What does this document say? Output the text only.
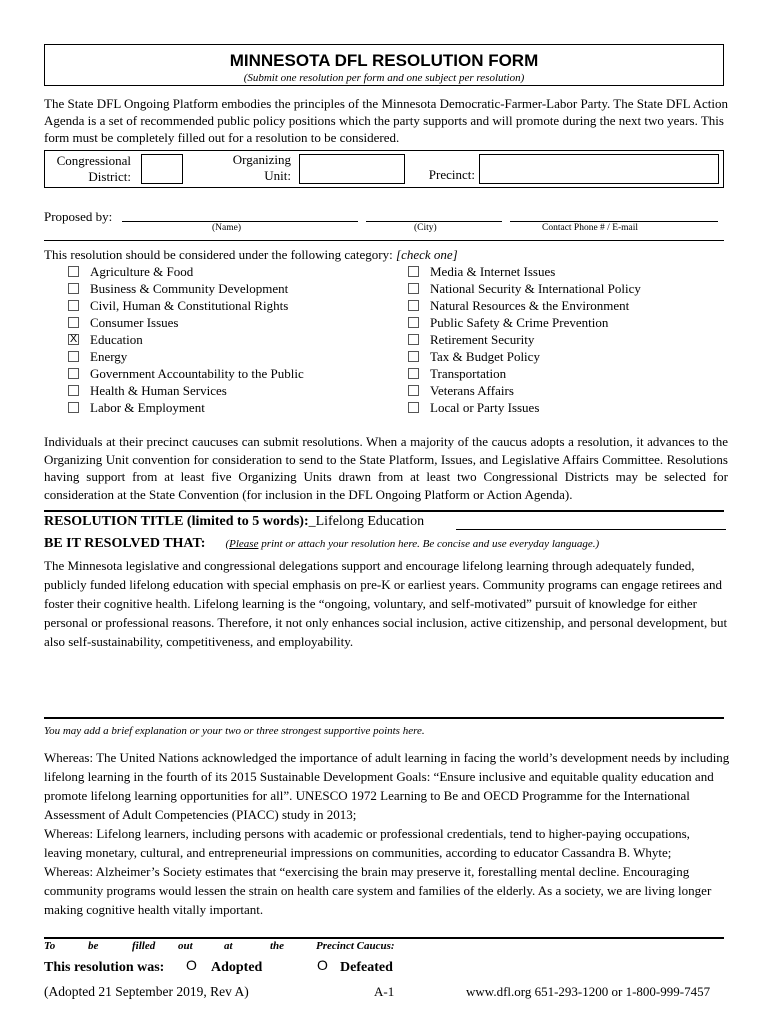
MINNESOTA DFL RESOLUTION FORM
(Submit one resolution per form and one subject per resolution)
The State DFL Ongoing Platform embodies the principles of the Minnesota Democratic-Farmer-Labor Party. The State DFL Action Agenda is a set of recommended public policy positions which the party supports and will promote during the next two years. This form must be completely filled out for a resolution to be considered.
Congressional
District:
Organizing
Unit:	Precinct:
Proposed by:
(Name)	(City)	Contact Phone # / E-mail
This resolution should be considered under the following category: [check one]
Agriculture & Food
Business & Community Development
Civil, Human & Constitutional Rights
Consumer Issues
X Education
Energy
Government Accountability to the Public
Health & Human Services
Labor & Employment
Media & Internet Issues
National Security & International Policy
Natural Resources & the Environment
Public Safety & Crime Prevention
Retirement Security
Tax & Budget Policy
Transportation
Veterans Affairs
Local or Party Issues
Individuals at their precinct caucuses can submit resolutions. When a majority of the caucus adopts a resolution, it advances to the Organizing Unit convention for consideration to send to the State Platform, Issues, and Legislative Affairs Committee. Resolutions having support from at least five Organizing Units drawn from at least two Congressional Districts may be selected for consideration at the State Convention (for inclusion in the DFL Ongoing Platform or Action Agenda).
RESOLUTION TITLE (limited to 5 words):_Lifelong Education
BE IT RESOLVED THAT: (Please print or attach your resolution here. Be concise and use everyday language.)
The Minnesota legislative and congressional delegations support and encourage lifelong learning through adequately funded, publicly funded lifelong education with special emphasis on pre-K or earliest years. Community programs can engage retirees and foster their cognitive health. Lifelong learning is the “ongoing, voluntary, and self-motivated” pursuit of knowledge for either personal or professional reasons. Therefore, it not only enhances social inclusion, active citizenship, and personal development, but also self-sustainability, competitiveness, and employability.
You may add a brief explanation or your two or three strongest supportive points here.
Whereas: The United Nations acknowledged the importance of adult learning in facing the world’s development needs by including lifelong learning in the fourth of its 2015 Sustainable Development Goals: “Ensure inclusive and equitable quality education and promote lifelong learning opportunities for all”. UNESCO 1972 Learning to Be and OECD Programme for the International Assessment of Adult Competencies (PIACC) study in 2013;
Whereas: Lifelong learners, including persons with academic or professional credentials, tend to higher-paying occupations, leaving monetary, cultural, and entrepreneurial impressions on communities, according to educator Cassandra B. Whyte;
Whereas: Alzheimer’s Society estimates that “exercising the brain may preserve it, forestalling mental decline. Encouraging community programs would lessen the strain on health care system and families of the elderly. As a society, we are living longer making cognitive health vitally important.
To	be	filled out	at	the	Precinct Caucus:
This resolution was: O Adopted	O Defeated
(Adopted 21 September 2019, Rev A)	A-1	www.dfl.org 651-293-1200 or 1-800-999-7457
